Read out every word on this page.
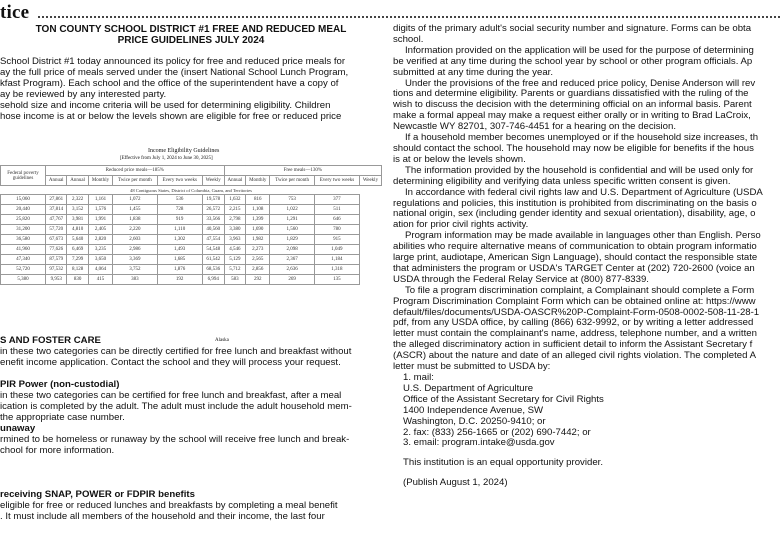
tice
TON COUNTY SCHOOL DISTRICT #1 FREE AND REDUCED MEAL
PRICE GUIDELINES JULY 2024
School District #1 today announced its policy for free and reduced price meals for
ay the full price of meals served under the (insert National School Lunch Program,
kfast Program). Each school and the office of the superintendent have a copy of
ay be reviewed by any interested party.
sehold size and income criteria will be used for determining eligibility. Children
hose income is at or below the levels shown are eligible for free or reduced price
Income Eligibility Guidelines
[Effective from July 1, 2024 to June 30, 2025]
Federal poverty guidelines	Reduced price meals—185%						Free meals—130%				
	Annual	Annual	Monthly	Twice per month	Every two weeks	Weekly	Annual	Monthly	Twice per month	Every two weeks	Weekly
48 Contiguous States, District of Columbia, Guam, and Territories											
15,060	27,861	2,322	1,161	1,072	536	19,578	1,632	816	753	377	
20,440	37,814	3,152	1,576	1,455	728	26,572	2,215	1,108	1,022	511	
25,820	47,767	3,981	1,991	1,838	919	33,566	2,798	1,399	1,291	646	
31,200	57,720	4,810	2,405	2,220	1,110	40,560	3,380	1,690	1,560	780	
36,580	67,673	5,640	2,820	2,603	1,302	47,554	3,963	1,982	1,829	915	
41,960	77,626	6,469	3,235	2,986	1,493	54,548	4,546	2,273	2,098	1,049	
47,340	87,579	7,299	3,650	3,369	1,685	61,542	5,129	2,565	2,367	1,184	
52,720	97,532	8,128	4,064	3,752	1,876	68,536	5,712	2,856	2,636	1,318	
5,380	9,953	830	415	383	192	6,994	583	292	269	135	
Alaska
S AND FOSTER CARE
in these two categories can be directly certified for free lunch and breakfast without
enefit income application. Contact the school and they will process your request.
PIR Power (non-custodial)
in these two categories can be certified for free lunch and breakfast, after a meal
ication is completed by the adult. The adult must include the adult household mem-
the appropriate case number.
unaway
rmined to be homeless or runaway by the school will receive free lunch and break-
chool for more information.
receiving SNAP, POWER or FDPIR benefits
eligible for free or reduced lunches and breakfasts by completing a meal benefit
. It must include all members of the household and their income, the last four
digits of the primary adult's social security number and signature. Forms can be obta
school.
Information provided on the application will be used for the purpose of determining
be verified at any time during the school year by school or other program officials. Ap
submitted at any time during the year.
Under the provisions of the free and reduced price policy, Denise Anderson will rev
tions and determine eligibility. Parents or guardians dissatisfied with the ruling of the
wish to discuss the decision with the determining official on an informal basis. Parent
make a formal appeal may make a request either orally or in writing to Brad LaCroix,
Newcastle WY 82701, 307-746-4451 for a hearing on the decision.
If a household member becomes unemployed or if the household size increases, th
should contact the school. The household may now be eligible for benefits if the hous
is at or below the levels shown.
The information provided by the household is confidential and will be used only for
determining eligibility and verifying data unless specific written consent is given.
In accordance with federal civil rights law and U.S. Department of Agriculture (USDA
regulations and policies, this institution is prohibited from discriminating on the basis o
national origin, sex (including gender identity and sexual orientation), disability, age, o
ation for prior civil rights activity.
Program information may be made available in languages other than English. Perso
abilities who require alternative means of communication to obtain program informatio
large print, audiotape, American Sign Language), should contact the responsible state
that administers the program or USDA's TARGET Center at (202) 720-2600 (voice an
USDA through the Federal Relay Service at (800) 877-8339.
To file a program discrimination complaint, a Complainant should complete a Form
Program Discrimination Complaint Form which can be obtained online at: https://www
default/files/documents/USDA-OASCR%20P-Complaint-Form-0508-0002-508-11-28-1
pdf, from any USDA office, by calling (866) 632-9992, or by writing a letter addressed
letter must contain the complainant's name, address, telephone number, and a written
the alleged discriminatory action in sufficient detail to inform the Assistant Secretary f
(ASCR) about the nature and date of an alleged civil rights violation. The completed A
letter must be submitted to USDA by:
1. mail:
U.S. Department of Agriculture
Office of the Assistant Secretary for Civil Rights
1400 Independence Avenue, SW
Washington, D.C. 20250-9410; or
2. fax: (833) 256-1665 or (202) 690-7442; or
3. email: program.intake@usda.gov
This institution is an equal opportunity provider.
(Publish August 1, 2024)
